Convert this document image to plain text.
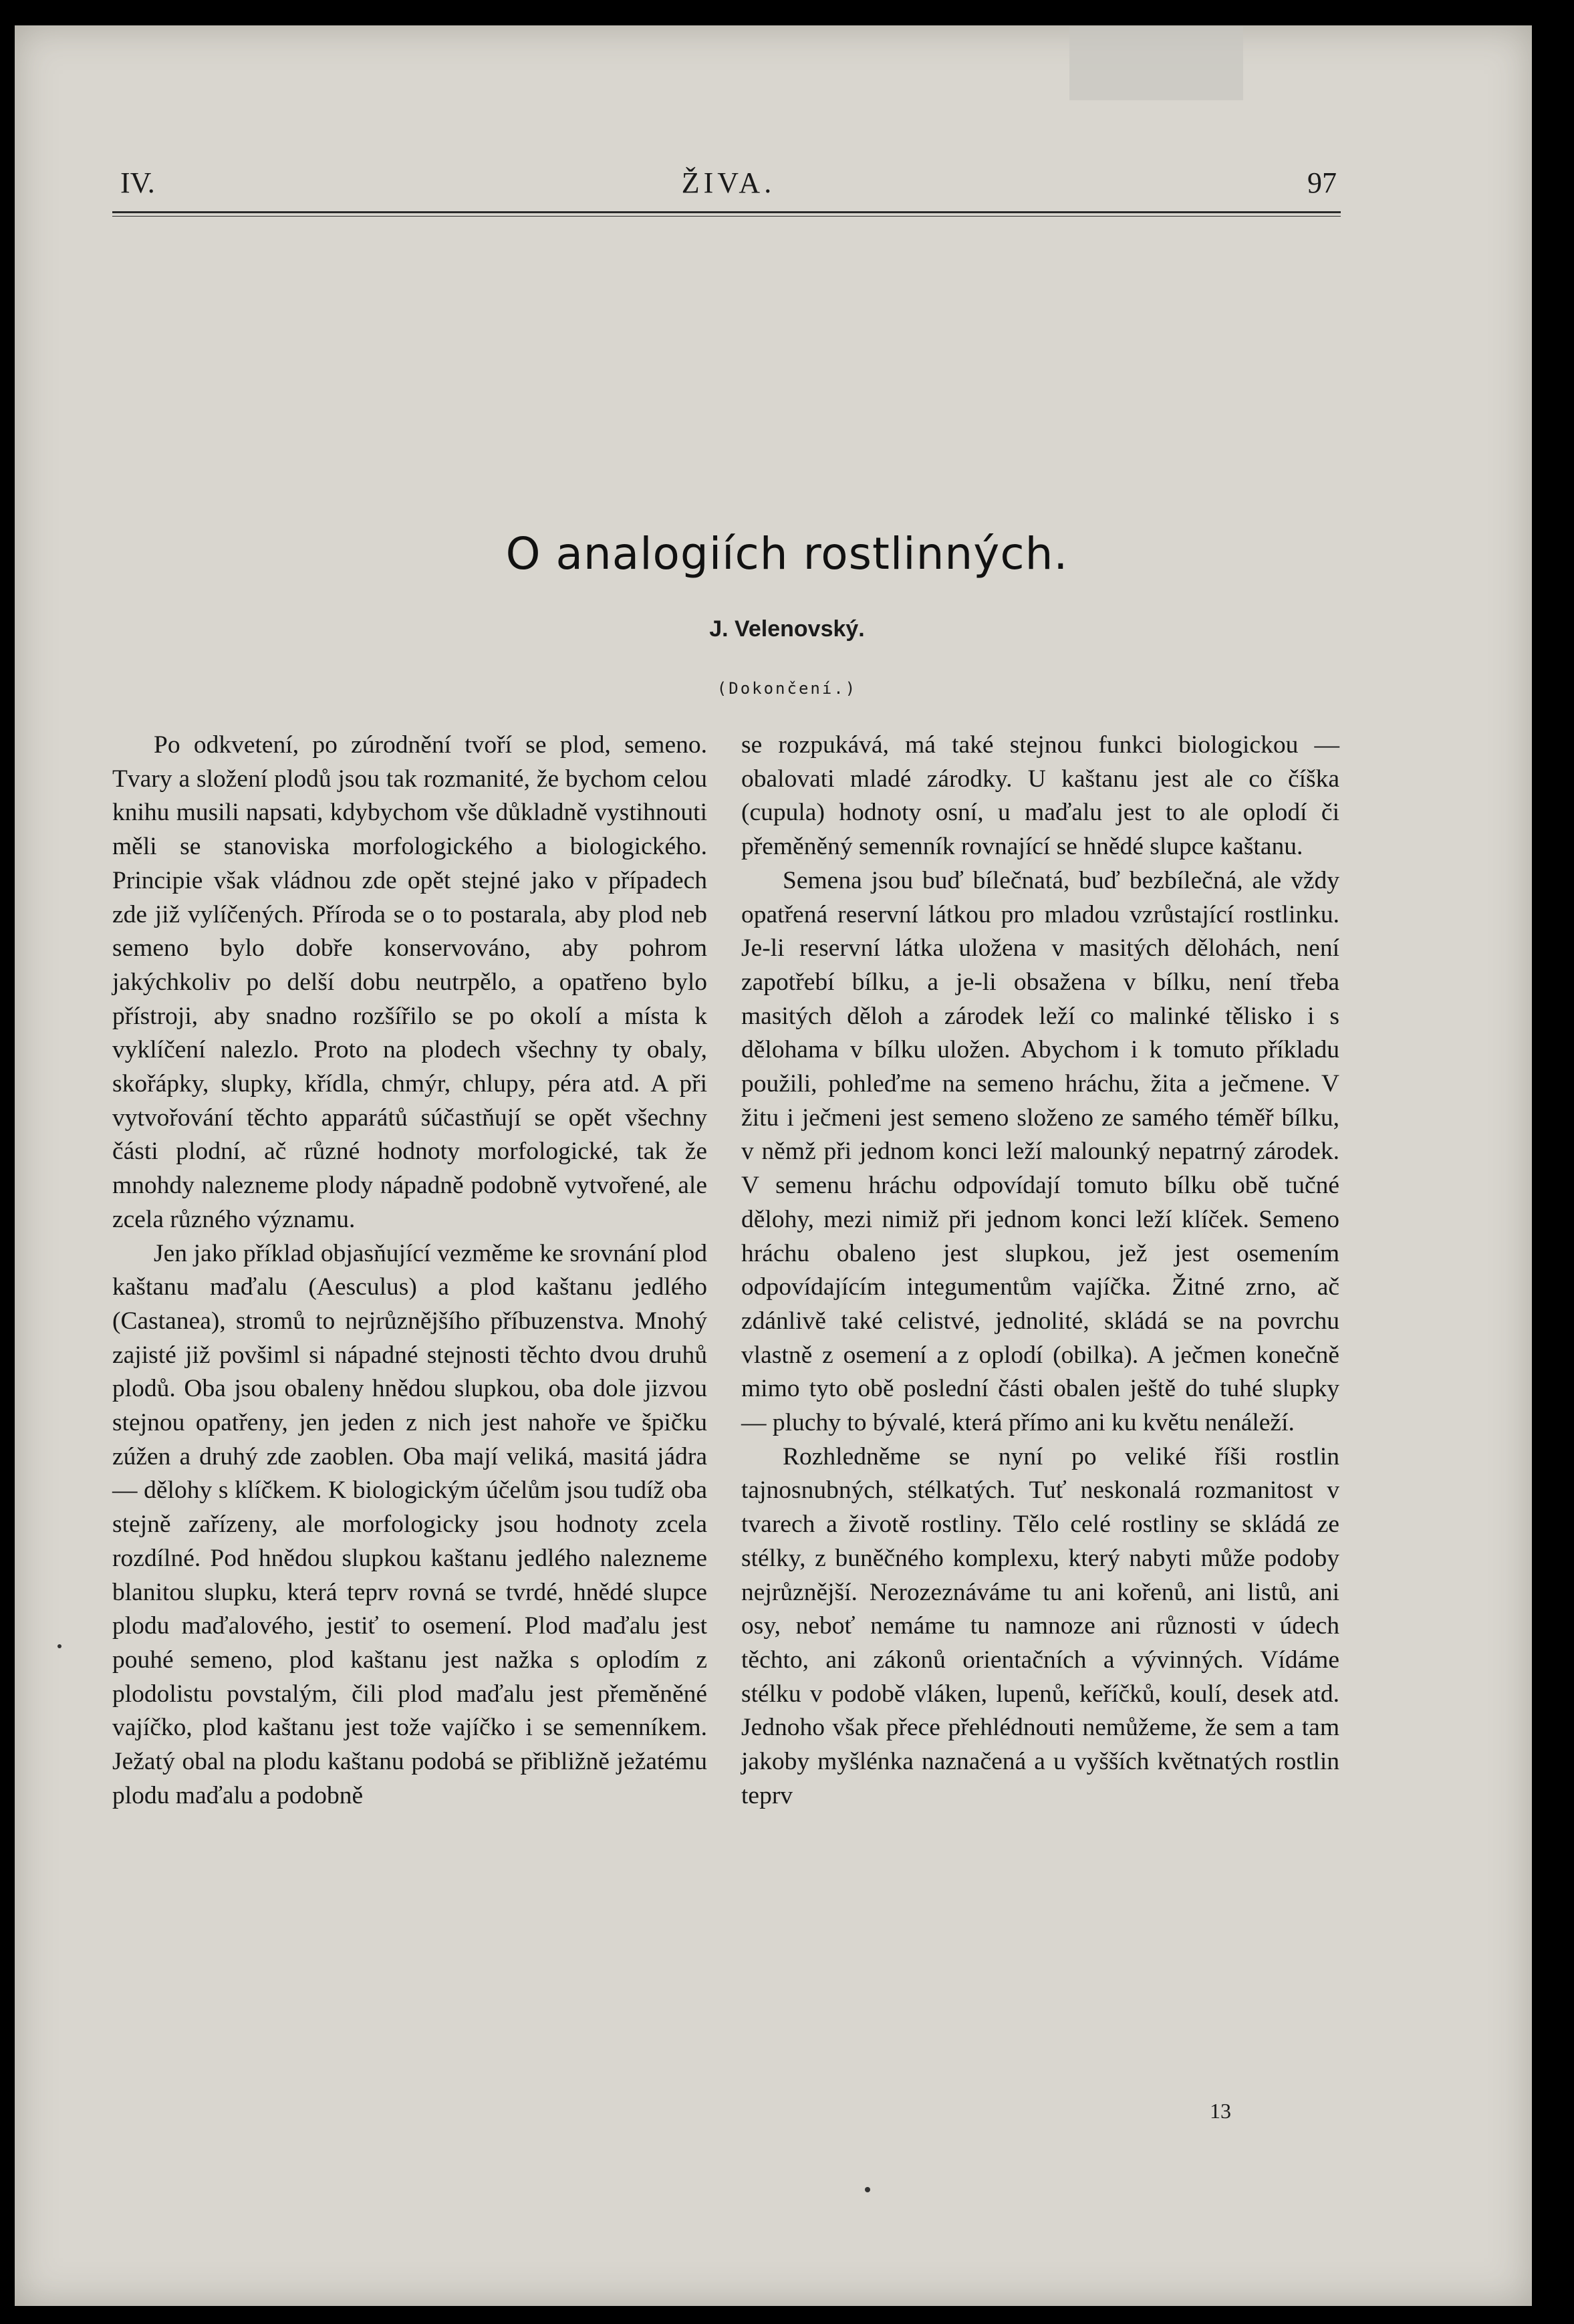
ŽIVA.
IV.	97
O analogiích rostlinných.
J. Velenovský.
(Dokončení.)

Po odkvetení, po zúrodnění tvoří se plod, semeno. Tvary a složení plodů jsou tak rozmanité, že bychom celou knihu musili napsati, kdybychom vše důkladně vystihnouti měli se stanoviska morfologického a biologického. Principie však vládnou zde opět stejné jako v případech zde již vylíčených. Příroda se o to postarala, aby plod neb semeno bylo dobře konservováno, aby pohrom jakýchkoliv po delší dobu neutrpělo, a opatřeno bylo přístroji, aby snadno rozšířilo se po okolí a místa k vyklíčení nalezlo. Proto na plodech všechny ty obaly, skořápky, slupky, křídla, chmýr, chlupy, péra atd. A při vytvořování těchto apparátů súčastňují se opět všechny části plodní, ač různé hodnoty morfologické, tak že mnohdy nalezneme plody nápadně podobně vytvořené, ale zcela různého významu.

Jen jako příklad objasňující vezměme ke srovnání plod kaštanu maďalu (Aesculus) a plod kaštanu jedlého (Castanea), stromů to nejrůznějšího příbuzenstva. Mnohý zajisté již povšiml si nápadné stejnosti těchto dvou druhů plodů. Oba jsou obaleny hnědou slupkou, oba dole jizvou stejnou opatřeny, jen jeden z nich jest nahoře ve špičku zúžen a druhý zde zaoblen. Oba mají veliká, masitá jádra — dělohy s klíčkem. K biologickým účelům jsou tudíž oba stejně zařízeny, ale morfologicky jsou hodnoty zcela rozdílné. Pod hnědou slupkou kaštanu jedlého nalezneme blanitou slupku, která teprv rovná se tvrdé, hnědé slupce plodu maďalového, jestiť to osemení. Plod maďalu jest pouhé semeno, plod kaštanu jest nažka s oplodím z plodolistu povstalým, čili plod maďalu jest přeměněné vajíčko, plod kaštanu jest tože vajíčko i se semenníkem. Ježatý obal na plodu kaštanu podobá se přibližně ježatému plodu maďalu a podobně

se rozpukává, má také stejnou funkci biologickou — obalovati mladé zárodky. U kaštanu jest ale co číška (cupula) hodnoty osní, u maďalu jest to ale oplodí či přeměněný semenník rovnající se hnědé slupce kaštanu.

Semena jsou buď bílečnatá, buď bezbílečná, ale vždy opatřená reservní látkou pro mladou vzrůstající rostlinku. Je-li reservní látka uložena v masitých dělohách, není zapotřebí bílku, a je-li obsažena v bílku, není třeba masitých děloh a zárodek leží co malinké tělisko i s dělohama v bílku uložen. Abychom i k tomuto příkladu použili, pohleďme na semeno hráchu, žita a ječmene. V žitu i ječmeni jest semeno složeno ze samého téměř bílku, v němž při jednom konci leží malounký nepatrný zárodek. V semenu hráchu odpovídají tomuto bílku obě tučné dělohy, mezi nimiž při jednom konci leží klíček. Semeno hráchu obaleno jest slupkou, jež jest osemením odpovídajícím integumentům vajíčka. Žitné zrno, ač zdánlivě také celistvé, jednolité, skládá se na povrchu vlastně z osemení a z oplodí (obilka). A ječmen konečně mimo tyto obě poslední části obalen ještě do tuhé slupky — pluchy to bývalé, která přímo ani ku květu nenáleží.

Rozhledněme se nyní po veliké říši rostlin tajnosnubných, stélkatých. Tuť neskonalá rozmanitost v tvarech a životě rostliny. Tělo celé rostliny se skládá ze stélky, z buněčného komplexu, který nabyti může podoby nejrůznější. Nerozeznáváme tu ani kořenů, ani listů, ani osy, neboť nemáme tu namnoze ani různosti v údech těchto, ani zákonů orientačních a vývinných. Vídáme stélku v podobě vláken, lupenů, keříčků, koulí, desek atd. Jednoho však přece přehlédnouti nemůžeme, že sem a tam jakoby myšlénka naznačená a u vyšších květnatých rostlin teprv

13
